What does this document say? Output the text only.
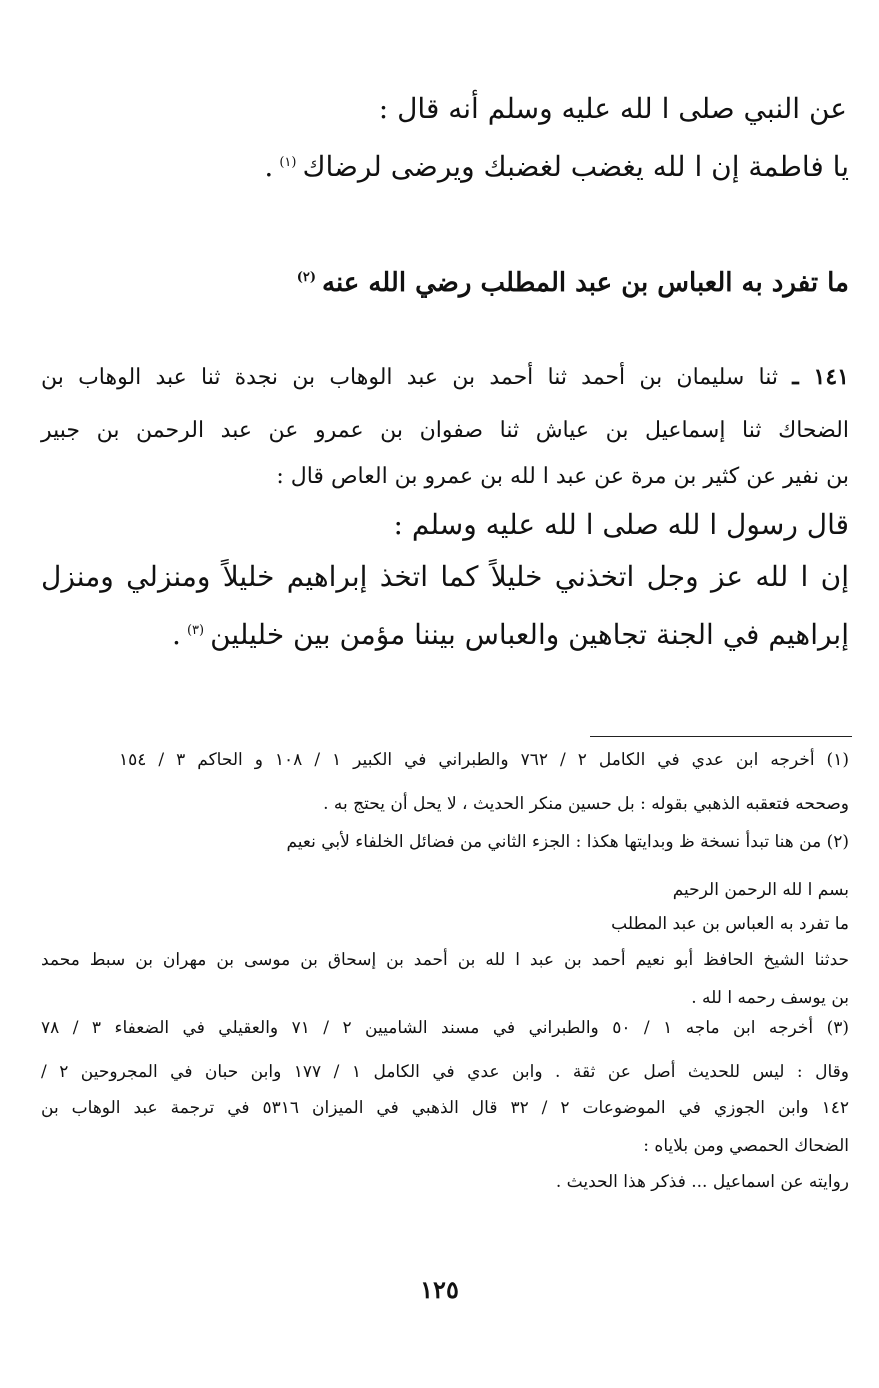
عن النبي صلى ا لله عليه وسلم أنه قال :
يا فاطمة إن ا لله يغضب لغضبك ويرضى لرضاك$^{(١)}$.
ما تفرد به العباس بن عبد المطلب رضي الله عنه$^{(٢)}$
١٤١ ـ ثنا سليمان بن أحمد ثنا أحمد بن عبد الوهاب بن نجدة ثنا عبد الوهاب بن
الضحاك ثنا إسماعيل بن عياش ثنا صفوان بن عمرو عن عبد الرحمن بن جبير
بن نفير عن كثير بن مرة عن عبد ا لله بن عمرو بن العاص قال :
قال رسول ا لله صلى ا لله عليه وسلم :
إن ا لله عز وجل اتخذني خليلاً كما اتخذ إبراهيم خليلاً ومنزلي ومنزل
إبراهيم في الجنة تجاهين والعباس بيننا مؤمن بين خليلين$^{(٣)}$.
(١) أخرجه ابن عدي في الكامل ٢ / ٧٦٢ والطبراني في الكبير ١ / ١٠٨ و الحاكم ٣ / ١٥٤
وصححه فتعقبه الذهبي بقوله : بل حسين منكر الحديث ، لا يحل أن يحتج به .
(٢) من هنا تبدأ نسخة ظ وبدايتها هكذا : الجزء الثاني من فضائل الخلفاء لأبي نعيم
بسم ا لله الرحمن الرحيم
ما تفرد به العباس بن عبد المطلب
حدثنا الشيخ الحافظ أبو نعيم أحمد بن عبد ا لله بن أحمد بن إسحاق بن موسى بن مهران بن سبط محمد
بن يوسف رحمه ا لله .
(٣) أخرجه ابن ماجه ١ / ٥٠ والطبراني في مسند الشاميين ٢ / ٧١ والعقيلي في الضعفاء ٣ / ٧٨
وقال : ليس للحديث أصل عن ثقة . وابن عدي في الكامل ١ / ١٧٧ وابن حبان في المجروحين ٢ /
١٤٢ وابن الجوزي في الموضوعات ٢ / ٣٢ قال الذهبي في الميزان ٥٣١٦ في ترجمة عبد الوهاب بن
الضحاك الحمصي ومن بلاياه :
روايته عن اسماعيل ... فذكر هذا الحديث .
١٢٥
